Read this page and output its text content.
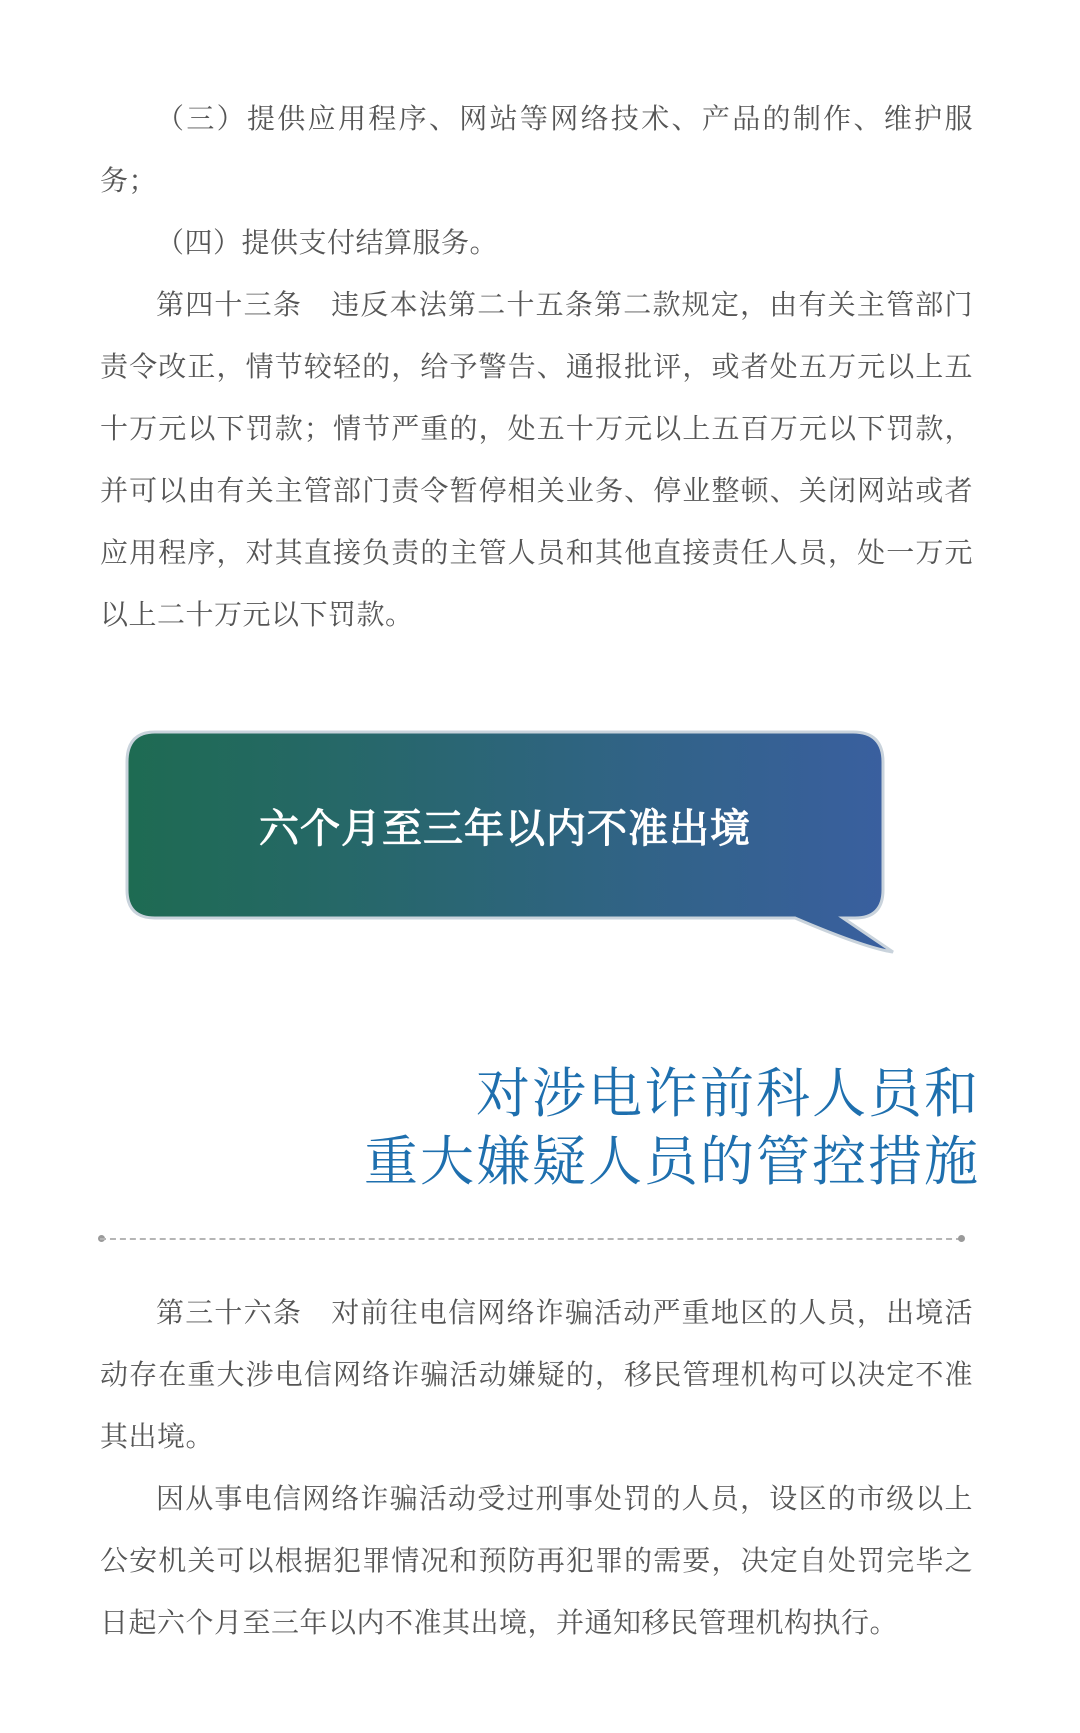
（三）提供应用程序、网站等网络技术、产品的制作、维护服务；

（四）提供支付结算服务。

第四十三条　违反本法第二十五条第二款规定，由有关主管部门责令改正，情节较轻的，给予警告、通报批评，或者处五万元以上五十万元以下罚款；情节严重的，处五十万元以上五百万元以下罚款，并可以由有关主管部门责令暂停相关业务、停业整顿、关闭网站或者应用程序，对其直接负责的主管人员和其他直接责任人员，处一万元以上二十万元以下罚款。

六个月至三年以内不准出境
对涉电诈前科人员和
重大嫌疑人员的管控措施

第三十六条　对前往电信网络诈骗活动严重地区的人员，出境活动存在重大涉电信网络诈骗活动嫌疑的，移民管理机构可以决定不准其出境。

因从事电信网络诈骗活动受过刑事处罚的人员，设区的市级以上公安机关可以根据犯罪情况和预防再犯罪的需要，决定自处罚完毕之日起六个月至三年以内不准其出境，并通知移民管理机构执行。
